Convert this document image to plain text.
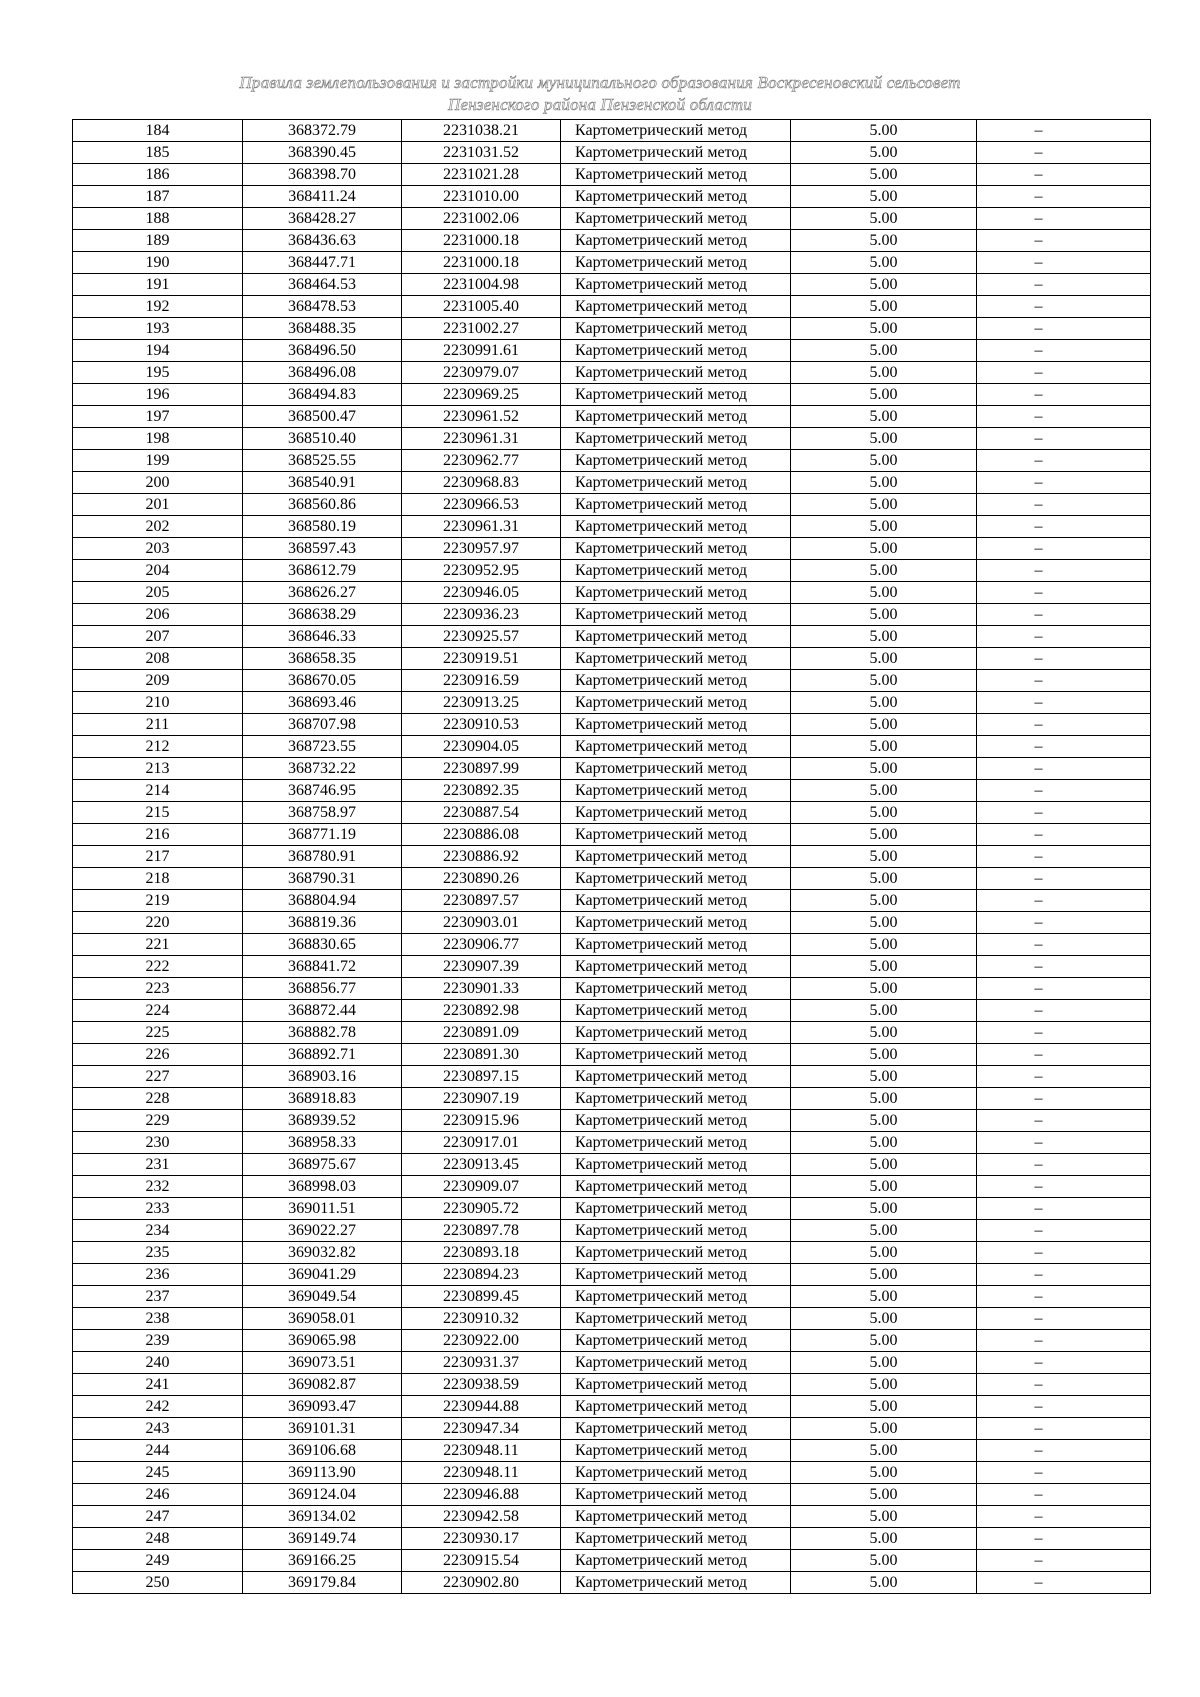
Правила землепользования и застройки муниципального образования Воскресеновский сельсовет
Пензенского района Пензенской области
184	368372.79	2231038.21	Картометрический метод	5.00	–
185	368390.45	2231031.52	Картометрический метод	5.00	–
186	368398.70	2231021.28	Картометрический метод	5.00	–
187	368411.24	2231010.00	Картометрический метод	5.00	–
188	368428.27	2231002.06	Картометрический метод	5.00	–
189	368436.63	2231000.18	Картометрический метод	5.00	–
190	368447.71	2231000.18	Картометрический метод	5.00	–
191	368464.53	2231004.98	Картометрический метод	5.00	–
192	368478.53	2231005.40	Картометрический метод	5.00	–
193	368488.35	2231002.27	Картометрический метод	5.00	–
194	368496.50	2230991.61	Картометрический метод	5.00	–
195	368496.08	2230979.07	Картометрический метод	5.00	–
196	368494.83	2230969.25	Картометрический метод	5.00	–
197	368500.47	2230961.52	Картометрический метод	5.00	–
198	368510.40	2230961.31	Картометрический метод	5.00	–
199	368525.55	2230962.77	Картометрический метод	5.00	–
200	368540.91	2230968.83	Картометрический метод	5.00	–
201	368560.86	2230966.53	Картометрический метод	5.00	–
202	368580.19	2230961.31	Картометрический метод	5.00	–
203	368597.43	2230957.97	Картометрический метод	5.00	–
204	368612.79	2230952.95	Картометрический метод	5.00	–
205	368626.27	2230946.05	Картометрический метод	5.00	–
206	368638.29	2230936.23	Картометрический метод	5.00	–
207	368646.33	2230925.57	Картометрический метод	5.00	–
208	368658.35	2230919.51	Картометрический метод	5.00	–
209	368670.05	2230916.59	Картометрический метод	5.00	–
210	368693.46	2230913.25	Картометрический метод	5.00	–
211	368707.98	2230910.53	Картометрический метод	5.00	–
212	368723.55	2230904.05	Картометрический метод	5.00	–
213	368732.22	2230897.99	Картометрический метод	5.00	–
214	368746.95	2230892.35	Картометрический метод	5.00	–
215	368758.97	2230887.54	Картометрический метод	5.00	–
216	368771.19	2230886.08	Картометрический метод	5.00	–
217	368780.91	2230886.92	Картометрический метод	5.00	–
218	368790.31	2230890.26	Картометрический метод	5.00	–
219	368804.94	2230897.57	Картометрический метод	5.00	–
220	368819.36	2230903.01	Картометрический метод	5.00	–
221	368830.65	2230906.77	Картометрический метод	5.00	–
222	368841.72	2230907.39	Картометрический метод	5.00	–
223	368856.77	2230901.33	Картометрический метод	5.00	–
224	368872.44	2230892.98	Картометрический метод	5.00	–
225	368882.78	2230891.09	Картометрический метод	5.00	–
226	368892.71	2230891.30	Картометрический метод	5.00	–
227	368903.16	2230897.15	Картометрический метод	5.00	–
228	368918.83	2230907.19	Картометрический метод	5.00	–
229	368939.52	2230915.96	Картометрический метод	5.00	–
230	368958.33	2230917.01	Картометрический метод	5.00	–
231	368975.67	2230913.45	Картометрический метод	5.00	–
232	368998.03	2230909.07	Картометрический метод	5.00	–
233	369011.51	2230905.72	Картометрический метод	5.00	–
234	369022.27	2230897.78	Картометрический метод	5.00	–
235	369032.82	2230893.18	Картометрический метод	5.00	–
236	369041.29	2230894.23	Картометрический метод	5.00	–
237	369049.54	2230899.45	Картометрический метод	5.00	–
238	369058.01	2230910.32	Картометрический метод	5.00	–
239	369065.98	2230922.00	Картометрический метод	5.00	–
240	369073.51	2230931.37	Картометрический метод	5.00	–
241	369082.87	2230938.59	Картометрический метод	5.00	–
242	369093.47	2230944.88	Картометрический метод	5.00	–
243	369101.31	2230947.34	Картометрический метод	5.00	–
244	369106.68	2230948.11	Картометрический метод	5.00	–
245	369113.90	2230948.11	Картометрический метод	5.00	–
246	369124.04	2230946.88	Картометрический метод	5.00	–
247	369134.02	2230942.58	Картометрический метод	5.00	–
248	369149.74	2230930.17	Картометрический метод	5.00	–
249	369166.25	2230915.54	Картометрический метод	5.00	–
250	369179.84	2230902.80	Картометрический метод	5.00	–
